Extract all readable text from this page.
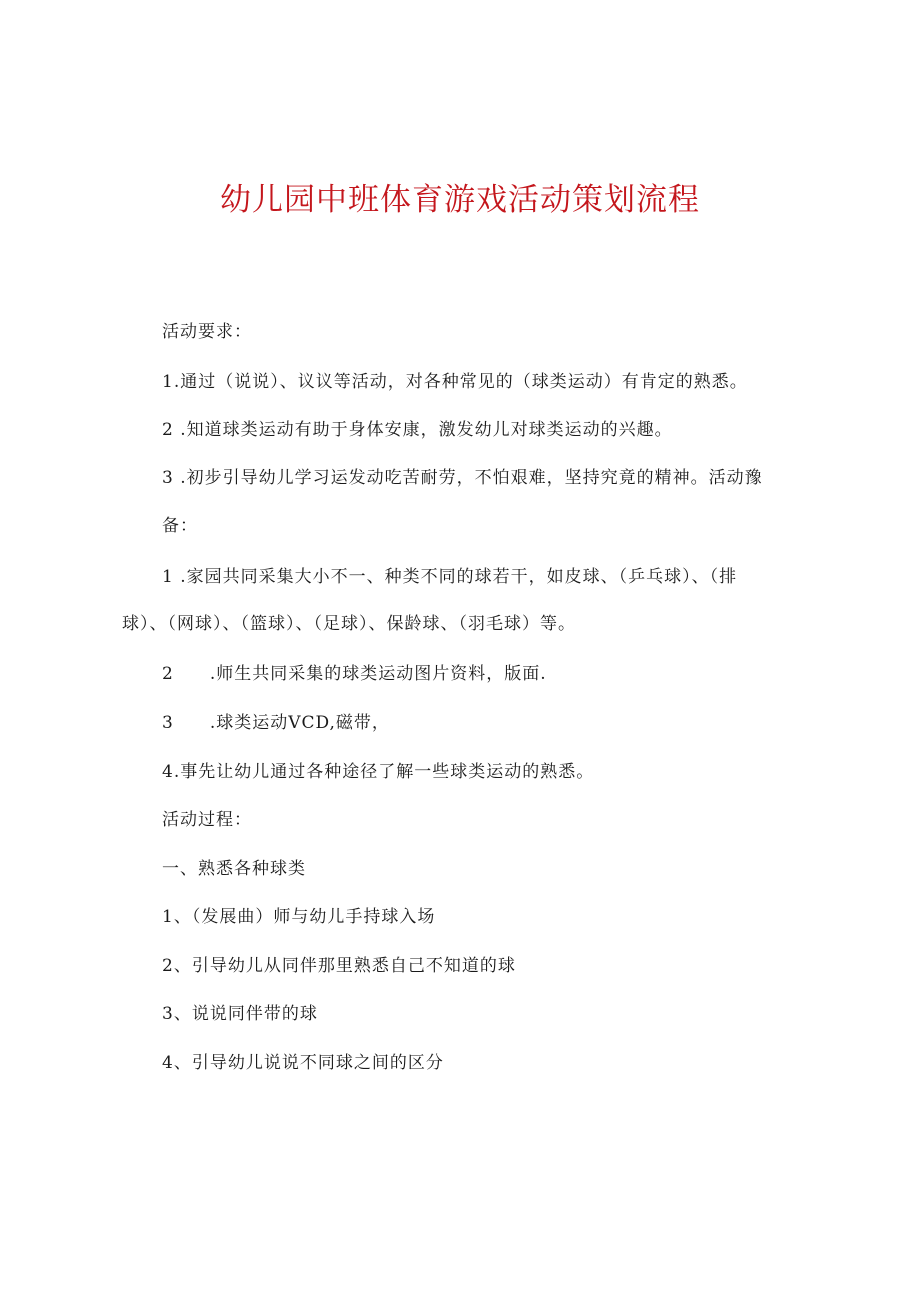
幼儿园中班体育游戏活动策划流程
活动要求：
1.通过（说说）、议议等活动，对各种常见的（球类运动）有肯定的熟悉。
2 .知道球类运动有助于身体安康，激发幼儿对球类运动的兴趣。
3 .初步引导幼儿学习运发动吃苦耐劳，不怕艰难，坚持究竟的精神。活动豫
备：
1 .家园共同采集大小不一、种类不同的球若干，如皮球、（乒乓球）、（排
球）、（网球）、（篮球）、（足球）、保龄球、（羽毛球）等。
2　　.师生共同采集的球类运动图片资料，版面.
3　　.球类运动VCD,磁带，
4.事先让幼儿通过各种途径了解一些球类运动的熟悉。
活动过程：
一、熟悉各种球类
1、（发展曲）师与幼儿手持球入场
2、引导幼儿从同伴那里熟悉自己不知道的球
3、说说同伴带的球
4、引导幼儿说说不同球之间的区分
